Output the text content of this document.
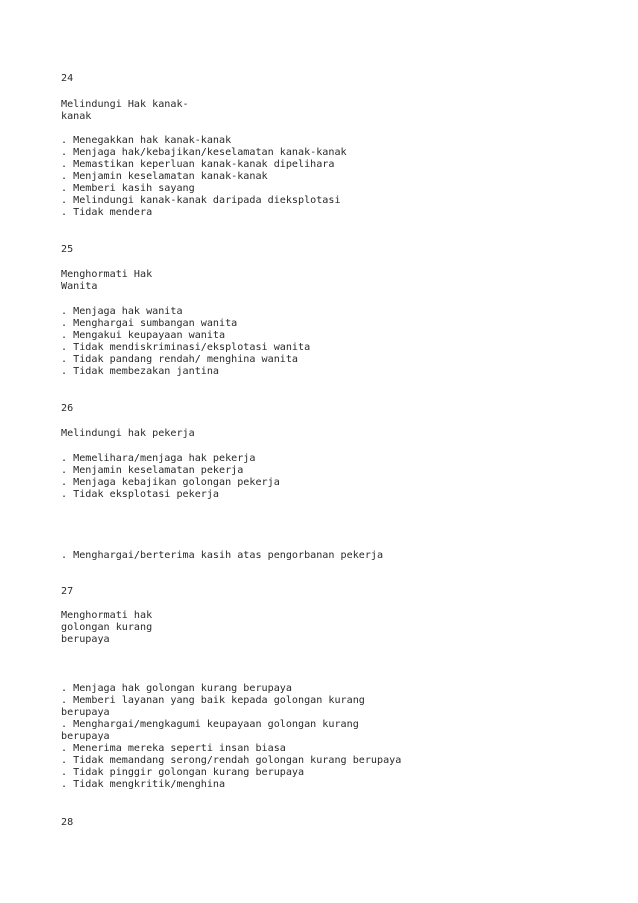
24
Melindungi Hak kanak-
kanak
. Menegakkan hak kanak-kanak
. Menjaga hak/kebajikan/keselamatan kanak-kanak
. Memastikan keperluan kanak-kanak dipelihara
. Menjamin keselamatan kanak-kanak
. Memberi kasih sayang
. Melindungi kanak-kanak daripada dieksplotasi
. Tidak mendera
25
Menghormati Hak
Wanita
. Menjaga hak wanita
. Menghargai sumbangan wanita
. Mengakui keupayaan wanita
. Tidak mendiskriminasi/eksplotasi wanita
. Tidak pandang rendah/ menghina wanita
. Tidak membezakan jantina
26
Melindungi hak pekerja
. Memelihara/menjaga hak pekerja
. Menjamin keselamatan pekerja
. Menjaga kebajikan golongan pekerja
. Tidak eksplotasi pekerja
. Menghargai/berterima kasih atas pengorbanan pekerja
27
Menghormati hak
golongan kurang
berupaya
. Menjaga hak golongan kurang berupaya
. Memberi layanan yang baik kepada golongan kurang
berupaya
. Menghargai/mengkagumi keupayaan golongan kurang
berupaya
. Menerima mereka seperti insan biasa
. Tidak memandang serong/rendah golongan kurang berupaya
. Tidak pinggir golongan kurang berupaya
. Tidak mengkritik/menghina
28
